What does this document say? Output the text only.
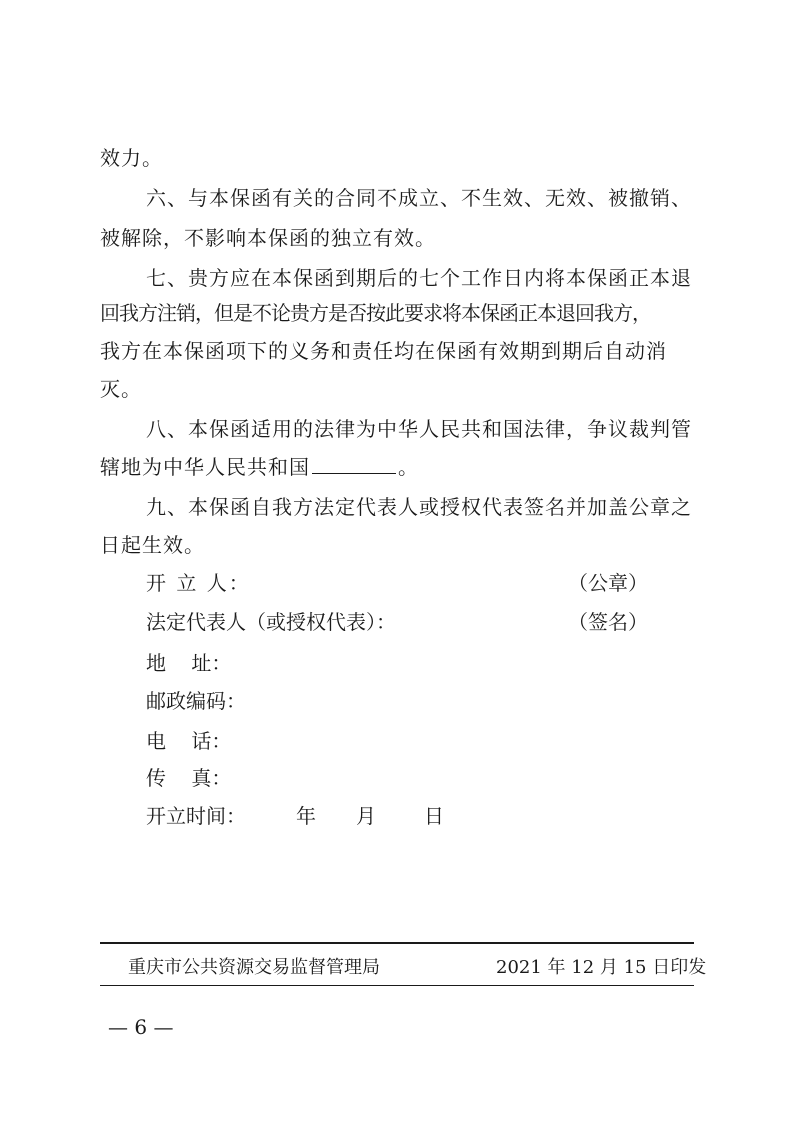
效力。
六、与本保函有关的合同不成立、不生效、无效、被撤销、
被解除，不影响本保函的独立有效。
七、贵方应在本保函到期后的七个工作日内将本保函正本退
回我方注销，但是不论贵方是否按此要求将本保函正本退回我方，
我方在本保函项下的义务和责任均在保函有效期到期后自动消
灭。
八、本保函适用的法律为中华人民共和国法律，争议裁判管
辖地为中华人民共和国	。
九、本保函自我方法定代表人或授权代表签名并加盖公章之
日起生效。
开 立 人：	（公章）
法定代表人（或授权代表）：	（签名）
地    址：
邮政编码：
电    话：
传    真：
开立时间：	年 月 日
重庆市公共资源交易监督管理局	2021 年 12 月 15 日印发
— 6 —
